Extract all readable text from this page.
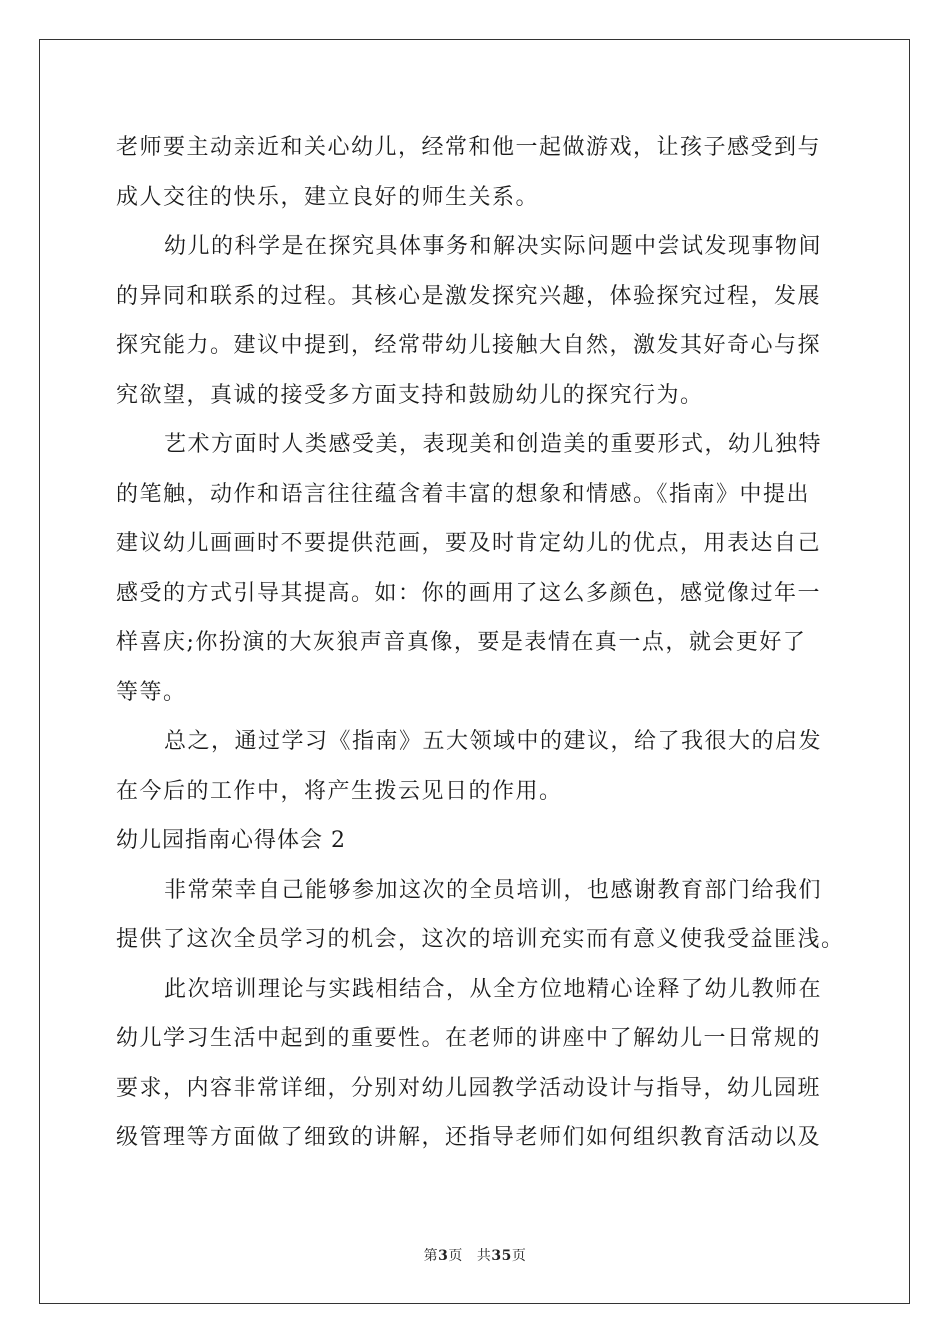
老师要主动亲近和关心幼儿，经常和他一起做游戏，让孩子感受到与
成人交往的快乐，建立良好的师生关系。
幼儿的科学是在探究具体事务和解决实际问题中尝试发现事物间
的异同和联系的过程。其核心是激发探究兴趣，体验探究过程，发展
探究能力。建议中提到，经常带幼儿接触大自然，激发其好奇心与探
究欲望，真诚的接受多方面支持和鼓励幼儿的探究行为。
艺术方面时人类感受美，表现美和创造美的重要形式，幼儿独特
的笔触，动作和语言往往蕴含着丰富的想象和情感。《指南》中提出
建议幼儿画画时不要提供范画，要及时肯定幼儿的优点，用表达自己
感受的方式引导其提高。如：你的画用了这么多颜色，感觉像过年一
样喜庆;你扮演的大灰狼声音真像，要是表情在真一点，就会更好了
等等。
总之，通过学习《指南》五大领域中的建议，给了我很大的启发
在今后的工作中，将产生拨云见日的作用。
幼儿园指南心得体会 2
非常荣幸自己能够参加这次的全员培训，也感谢教育部门给我们
提供了这次全员学习的机会，这次的培训充实而有意义使我受益匪浅。
此次培训理论与实践相结合，从全方位地精心诠释了幼儿教师在
幼儿学习生活中起到的重要性。在老师的讲座中了解幼儿一日常规的
要求，内容非常详细，分别对幼儿园教学活动设计与指导，幼儿园班
级管理等方面做了细致的讲解，还指导老师们如何组织教育活动以及
第3页 共35页
